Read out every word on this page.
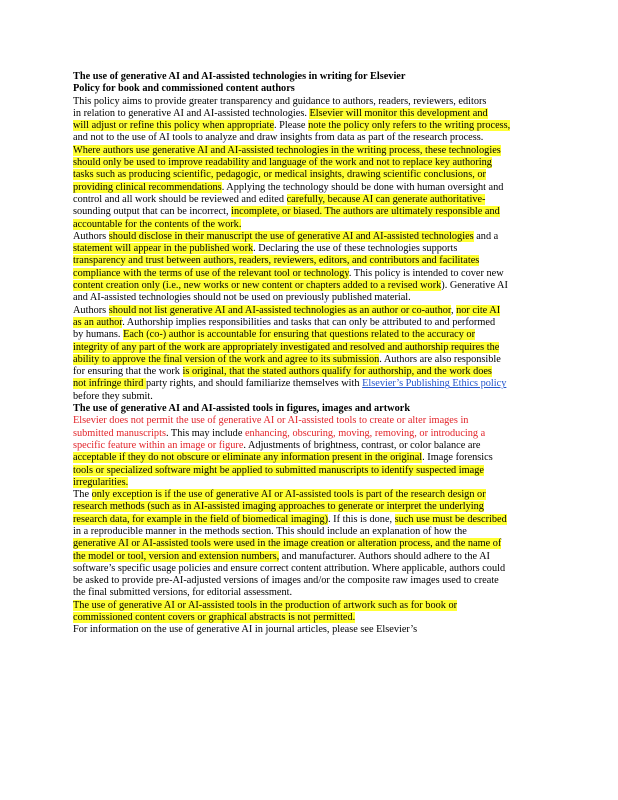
The use of generative AI and AI-assisted technologies in writing for Elsevier
Policy for book and commissioned content authors
This policy aims to provide greater transparency and guidance to authors, readers, reviewers, editors
in relation to generative AI and AI-assisted technologies. Elsevier will monitor this development and
will adjust or refine this policy when appropriate. Please note the policy only refers to the writing process,
and not to the use of AI tools to analyze and draw insights from data as part of the research process.
Where authors use generative AI and AI-assisted technologies in the writing process, these technologies
should only be used to improve readability and language of the work and not to replace key authoring
tasks such as producing scientific, pedagogic, or medical insights, drawing scientific conclusions, or
providing clinical recommendations. Applying the technology should be done with human oversight and
control and all work should be reviewed and edited carefully, because AI can generate authoritative-
sounding output that can be incorrect, incomplete, or biased. The authors are ultimately responsible and
accountable for the contents of the work.
Authors should disclose in their manuscript the use of generative AI and AI-assisted technologies and a
statement will appear in the published work. Declaring the use of these technologies supports
transparency and trust between authors, readers, reviewers, editors, and contributors and facilitates
compliance with the terms of use of the relevant tool or technology. This policy is intended to cover new
content creation only (i.e., new works or new content or chapters added to a revised work). Generative AI
and AI-assisted technologies should not be used on previously published material.
Authors should not list generative AI and AI-assisted technologies as an author or co-author, nor cite AI
as an author. Authorship implies responsibilities and tasks that can only be attributed to and performed
by humans. Each (co-) author is accountable for ensuring that questions related to the accuracy or
integrity of any part of the work are appropriately investigated and resolved and authorship requires the
ability to approve the final version of the work and agree to its submission. Authors are also responsible
for ensuring that the work is original, that the stated authors qualify for authorship, and the work does
not infringe third party rights, and should familiarize themselves with Elsevier’s Publishing Ethics policy
before they submit.
The use of generative AI and AI-assisted tools in figures, images and artwork
Elsevier does not permit the use of generative AI or AI-assisted tools to create or alter images in
submitted manuscripts. This may include enhancing, obscuring, moving, removing, or introducing a
specific feature within an image or figure. Adjustments of brightness, contrast, or color balance are
acceptable if they do not obscure or eliminate any information present in the original. Image forensics
tools or specialized software might be applied to submitted manuscripts to identify suspected image
irregularities.
The only exception is if the use of generative AI or AI-assisted tools is part of the research design or
research methods (such as in AI-assisted imaging approaches to generate or interpret the underlying
research data, for example in the field of biomedical imaging). If this is done, such use must be described
in a reproducible manner in the methods section. This should include an explanation of how the
generative AI or AI-assisted tools were used in the image creation or alteration process, and the name of
the model or tool, version and extension numbers, and manufacturer. Authors should adhere to the AI
software’s specific usage policies and ensure correct content attribution. Where applicable, authors could
be asked to provide pre-AI-adjusted versions of images and/or the composite raw images used to create
the final submitted versions, for editorial assessment.
The use of generative AI or AI-assisted tools in the production of artwork such as for book or
commissioned content covers or graphical abstracts is not permitted.
For information on the use of generative AI in journal articles, please see Elsevier’s
